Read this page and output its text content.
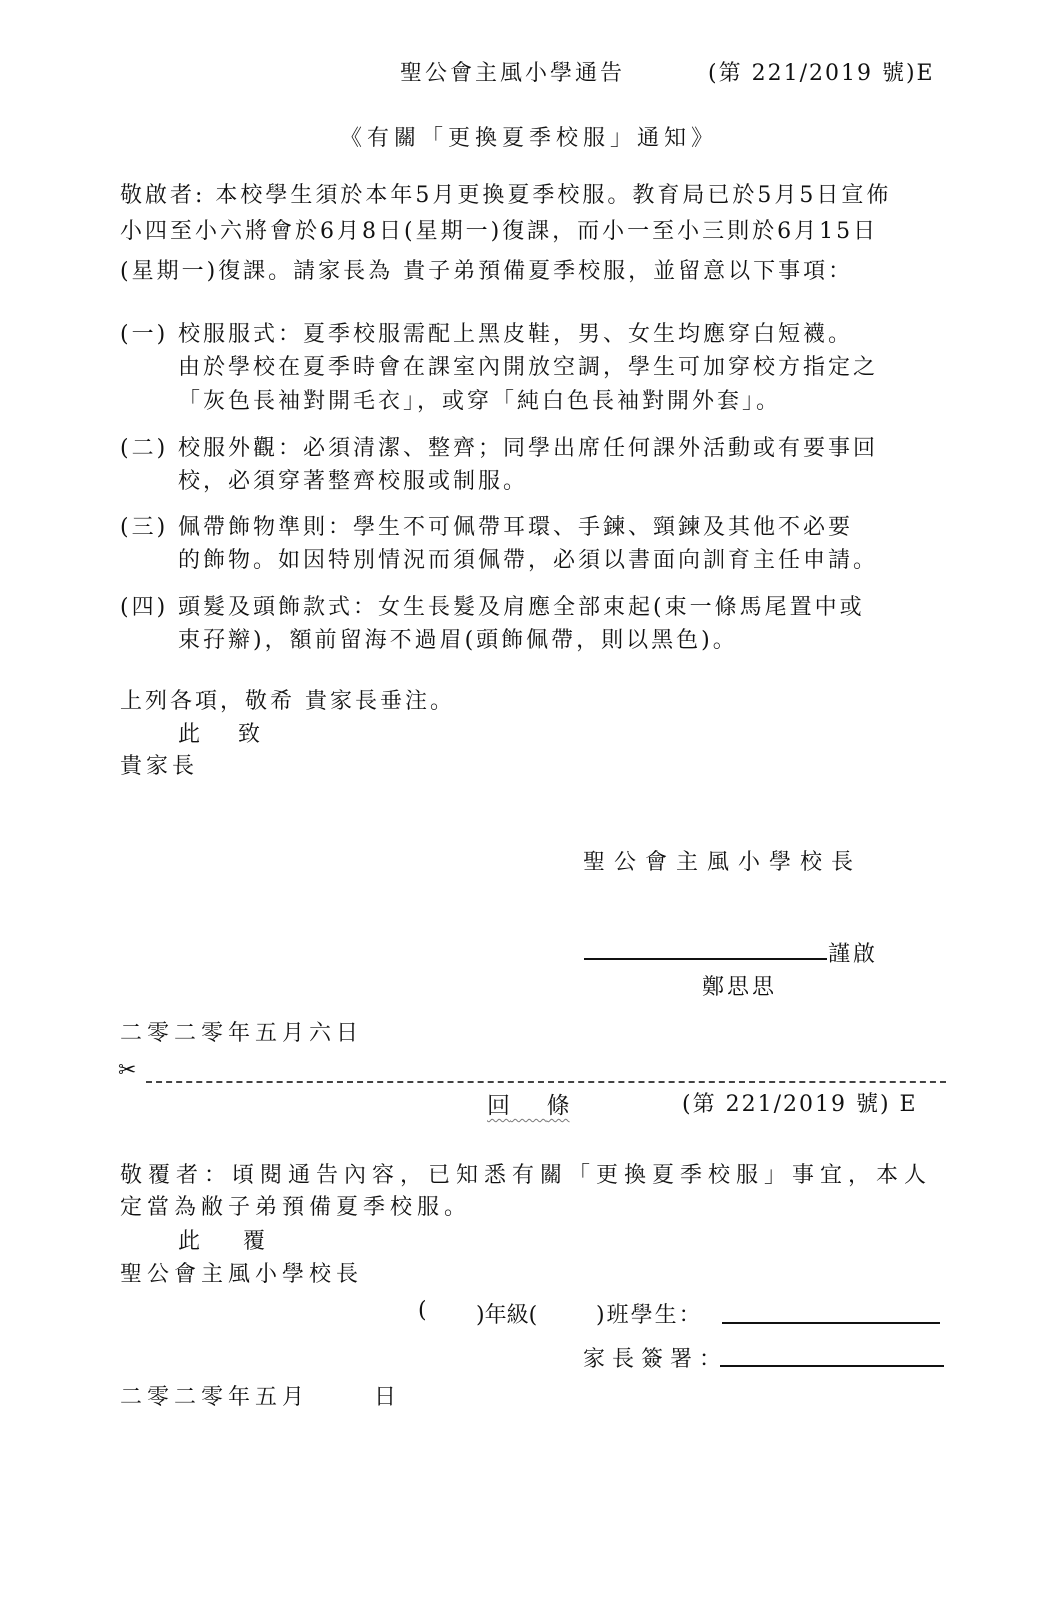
聖公會主風小學通告	(第 221/2019 號)E
《有關「更換夏季校服」通知》
敬啟者: 本校學生須於本年5月更換夏季校服。教育局已於5月5日宣佈
小四至小六將會於6月8日(星期一)復課，而小一至小三則於6月15日
(星期一)復課。請家長為 貴子弟預備夏季校服，並留意以下事項：
(一) 校服服式：夏季校服需配上黑皮鞋，男、女生均應穿白短襪。
由於學校在夏季時會在課室內開放空調，學生可加穿校方指定之
「灰色長袖對開毛衣」，或穿「純白色長袖對開外套」。
(二) 校服外觀：必須清潔、整齊；同學出席任何課外活動或有要事回
校，必須穿著整齊校服或制服。
(三) 佩帶飾物準則：學生不可佩帶耳環、手鍊、頸鍊及其他不必要
的飾物。如因特別情況而須佩帶，必須以書面向訓育主任申請。
(四) 頭髮及頭飾款式：女生長髮及肩應全部束起(束一條馬尾置中或
束孖辮)，額前留海不過眉(頭飾佩帶，則以黑色)。
上列各項，敬希 貴家長垂注。
此 致
貴家長
聖公會主風小學校長
謹啟
鄭思思
二零二零年五月六日
✂
回 條	(第 221/2019 號) E
敬覆者：頃閱通告內容，已知悉有關「更換夏季校服」事宜，本人
定當為敝子弟預備夏季校服。
此 覆
聖公會主風小學校長
( )年級(	)班學生：
家長簽署：
二零二零年五月	日
